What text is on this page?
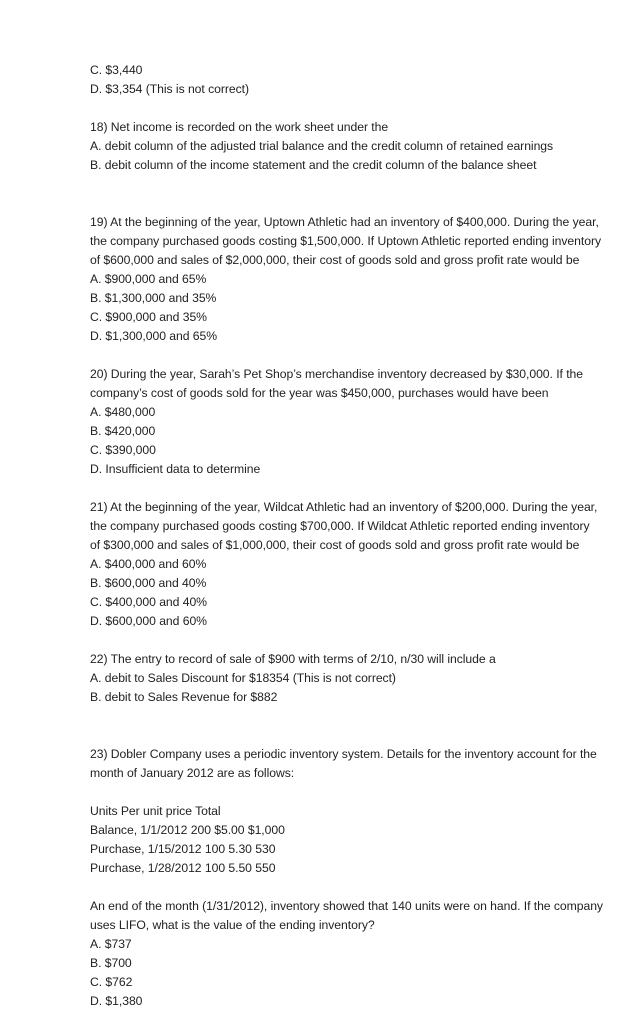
C. $3,440
D. $3,354 (This is not correct)
18) Net income is recorded on the work sheet under the
A. debit column of the adjusted trial balance and the credit column of retained earnings
B. debit column of the income statement and the credit column of the balance sheet
19) At the beginning of the year, Uptown Athletic had an inventory of $400,000. During the year,
the company purchased goods costing $1,500,000. If Uptown Athletic reported ending inventory
of $600,000 and sales of $2,000,000, their cost of goods sold and gross profit rate would be
A. $900,000 and 65%
B. $1,300,000 and 35%
C. $900,000 and 35%
D. $1,300,000 and 65%
20) During the year, Sarah’s Pet Shop’s merchandise inventory decreased by $30,000. If the
company’s cost of goods sold for the year was $450,000, purchases would have been
A. $480,000
B. $420,000
C. $390,000
D. Insufficient data to determine
21) At the beginning of the year, Wildcat Athletic had an inventory of $200,000. During the year,
the company purchased goods costing $700,000. If Wildcat Athletic reported ending inventory
of $300,000 and sales of $1,000,000, their cost of goods sold and gross profit rate would be
A. $400,000 and 60%
B. $600,000 and 40%
C. $400,000 and 40%
D. $600,000 and 60%
22) The entry to record of sale of $900 with terms of 2/10, n/30 will include a
A. debit to Sales Discount for $18354 (This is not correct)
B. debit to Sales Revenue for $882
23) Dobler Company uses a periodic inventory system. Details for the inventory account for the
month of January 2012 are as follows:
Units Per unit price Total
Balance, 1/1/2012 200 $5.00 $1,000
Purchase, 1/15/2012 100 5.30 530
Purchase, 1/28/2012 100 5.50 550
An end of the month (1/31/2012), inventory showed that 140 units were on hand. If the company
uses LIFO, what is the value of the ending inventory?
A. $737
B. $700
C. $762
D. $1,380
